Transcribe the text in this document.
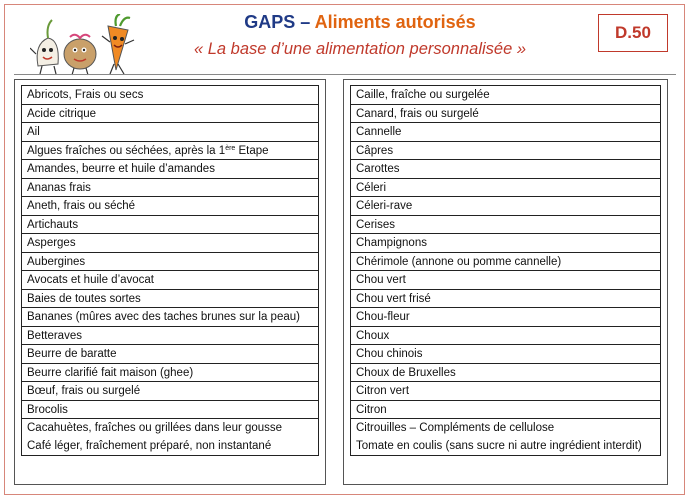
GAPS – Aliments autorisés
« La base d’une alimentation personnalisée »
D.50
Abricots, Frais ou secs
Acide citrique
Ail
Algues fraîches ou séchées, après la 1ère Etape
Amandes, beurre et huile d’amandes
Ananas frais
Aneth, frais ou séché
Artichauts
Asperges
Aubergines
Avocats et huile d’avocat
Baies de toutes sortes
Bananes (mûres avec des taches brunes sur la peau)
Betteraves
Beurre de baratte
Beurre clarifié fait maison (ghee)
Bœuf, frais ou surgelé
Brocolis
Cacahuètes, fraîches ou grillées dans leur gousse
Café léger, fraîchement préparé, non instantané
Caille, fraîche ou surgelée
Canard, frais ou surgelé
Cannelle
Câpres
Carottes
Céleri
Céleri-rave
Cerises
Champignons
Chérimole (annone ou pomme cannelle)
Chou vert
Chou vert frisé
Chou-fleur
Choux
Chou chinois
Choux de Bruxelles
Citron vert
Citron
Citrouilles – Compléments de cellulose
Tomate en coulis (sans sucre ni autre ingrédient interdit)
